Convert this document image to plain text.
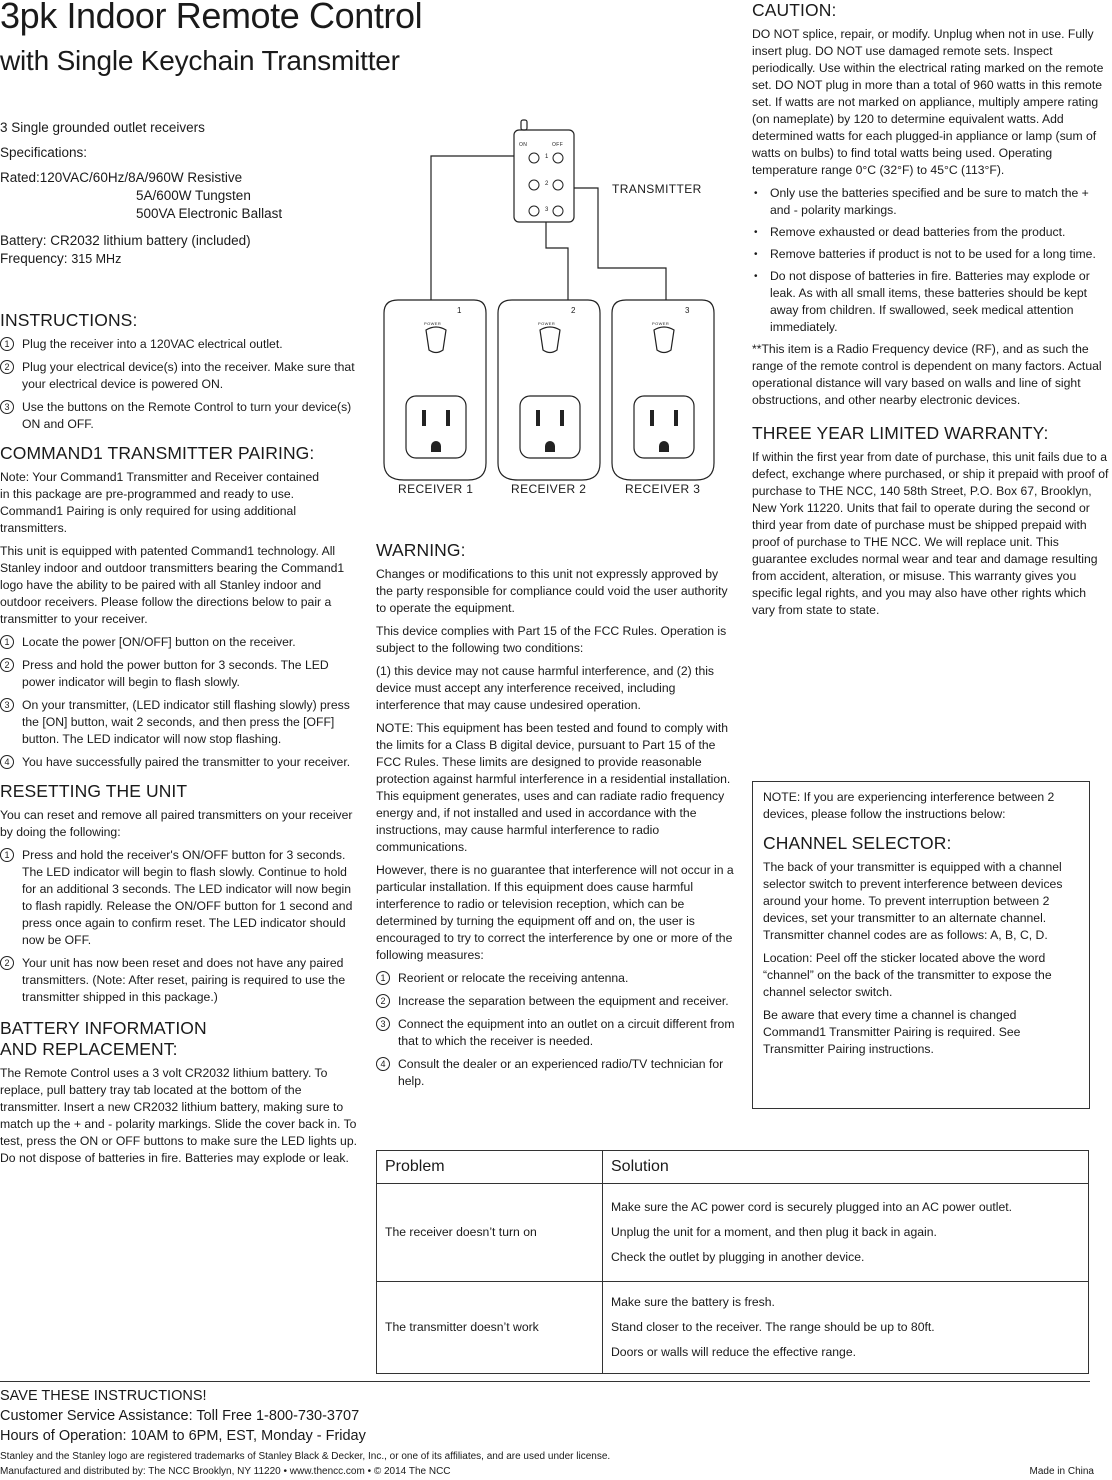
3pk Indoor Remote Control
with Single Keychain Transmitter
3 Single grounded outlet receivers
Specifications:
Rated:120VAC/60Hz/8A/960W Resistive
5A/600W Tungsten
500VA Electronic Ballast
Battery: CR2032 lithium battery (included)
Frequency: 315 MHz
INSTRUCTIONS:
1	Plug the receiver into a 120VAC electrical outlet.
2	Plug your electrical device(s) into the receiver. Make sure that your electrical device is powered ON.
3	Use the buttons on the Remote Control to turn your device(s) ON and OFF.
COMMAND1 TRANSMITTER PAIRING:

Note: Your Command1 Transmitter and Receiver contained in this package are pre-programmed and ready to use. Command1 Pairing is only required for using additional transmitters.

This unit is equipped with patented Command1 technology. All Stanley indoor and outdoor transmitters bearing the Command1 logo have the ability to be paired with all Stanley indoor and outdoor receivers. Please follow the directions below to pair a transmitter to your receiver.

1	Locate the power [ON/OFF] button on the receiver.
2	Press and hold the power button for 3 seconds. The LED power indicator will begin to flash slowly.
3	On your transmitter, (LED indicator still flashing slowly) press the [ON] button, wait 2 seconds, and then press the [OFF] button. The LED indicator will now stop flashing.
4	You have successfully paired the transmitter to your receiver.
RESETTING THE UNIT

You can reset and remove all paired transmitters on your receiver by doing the following:

1	Press and hold the receiver's ON/OFF button for 3 seconds. The LED indicator will begin to flash slowly. Continue to hold for an additional 3 seconds. The LED indicator will now begin to flash rapidly. Release the ON/OFF button for 1 second and press once again to confirm reset. The LED indicator should now be OFF.
2	Your unit has now been reset and does not have any paired transmitters. (Note: After reset, pairing is required to use the transmitter shipped in this package.)
BATTERY INFORMATION
AND REPLACEMENT:

The Remote Control uses a 3 volt CR2032 lithium battery. To replace, pull battery tray tab located at the bottom of the transmitter. Insert a new CR2032 lithium battery, making sure to match up the + and - polarity markings. Slide the cover back in. To test, press the ON or OFF buttons to make sure the LED lights up. Do not dispose of batteries in fire. Batteries may explode or leak.

ON	OFF
1
2
3
TRANSMITTER
1	2	3
POWER	POWER	POWER
RECEIVER 1	RECEIVER 2	RECEIVER 3
WARNING:

Changes or modifications to this unit not expressly approved by the party responsible for compliance could void the user authority to operate the equipment.

This device complies with Part 15 of the FCC Rules. Operation is subject to the following two conditions:

(1) this device may not cause harmful interference, and (2) this device must accept any interference received, including interference that may cause undesired operation.

NOTE: This equipment has been tested and found to comply with the limits for a Class B digital device, pursuant to Part 15 of the FCC Rules. These limits are designed to provide reasonable protection against harmful interference in a residential installation. This equipment generates, uses and can radiate radio frequency energy and, if not installed and used in accordance with the instructions, may cause harmful interference to radio communications.

However, there is no guarantee that interference will not occur in a particular installation. If this equipment does cause harmful interference to radio or television reception, which can be determined by turning the equipment off and on, the user is encouraged to try to correct the interference by one or more of the following measures:

1	Reorient or relocate the receiving antenna.
2	Increase the separation between the equipment and receiver.
3	Connect the equipment into an outlet on a circuit different from that to which the receiver is needed.
4	Consult the dealer or an experienced radio/TV technician for help.
CAUTION:

DO NOT splice, repair, or modify. Unplug when not in use. Fully insert plug. DO NOT use damaged remote sets. Inspect periodically. Use within the electrical rating marked on the remote set. DO NOT plug in more than a total of 960 watts in this remote set. If watts are not marked on appliance, multiply ampere rating (on nameplate) by 120 to determine equivalent watts. Add determined watts for each plugged-in appliance or lamp (sum of watts on bulbs) to find total watts being used. Operating temperature range 0°C (32°F) to 45°C (113°F).

• Only use the batteries specified and be sure to match the + and - polarity markings.
• Remove exhausted or dead batteries from the product.
• Remove batteries if product is not to be used for a long time.
• Do not dispose of batteries in fire. Batteries may explode or leak. As with all small items, these batteries should be kept away from children. If swallowed, seek medical attention immediately.

**This item is a Radio Frequency device (RF), and as such the range of the remote control is dependent on many factors. Actual operational distance will vary based on walls and line of sight obstructions, and other nearby electronic devices.

THREE YEAR LIMITED WARRANTY:

If within the first year from date of purchase, this unit fails due to a defect, exchange where purchased, or ship it prepaid with proof of purchase to THE NCC, 140 58th Street, P.O. Box 67, Brooklyn, New York 11220. Units that fail to operate during the second or third year from date of purchase must be shipped prepaid with proof of purchase to THE NCC. We will replace unit. This guarantee excludes normal wear and tear and damage resulting from accident, alteration, or misuse. This warranty gives you specific legal rights, and you may also have other rights which vary from state to state.

NOTE: If you are experiencing interference between 2 devices, please follow the instructions below:

CHANNEL SELECTOR:

The back of your transmitter is equipped with a channel selector switch to prevent interference between devices around your home. To prevent interruption between 2 devices, set your transmitter to an alternate channel. Transmitter channel codes are as follows: A, B, C, D.

Location: Peel off the sticker located above the word “channel” on the back of the transmitter to expose the channel selector switch.

Be aware that every time a channel is changed Command1 Transmitter Pairing is required. See Transmitter Pairing instructions.

Problem	Solution
The receiver doesn’t turn on	Make sure the AC power cord is securely plugged into an AC power outlet.
Unplug the unit for a moment, and then plug it back in again.
Check the outlet by plugging in another device.

The transmitter doesn’t work	Make sure the battery is fresh.
Stand closer to the receiver. The range should be up to 80ft.
Doors or walls will reduce the effective range.
SAVE THESE INSTRUCTIONS!
Customer Service Assistance: Toll Free 1-800-730-3707
Hours of Operation: 10AM to 6PM, EST, Monday - Friday
Stanley and the Stanley logo are registered trademarks of Stanley Black & Decker, Inc., or one of its affiliates, and are used under license.
Manufactured and distributed by: The NCC Brooklyn, NY 11220 • www.thencc.com • © 2014 The NCC	Made in China
